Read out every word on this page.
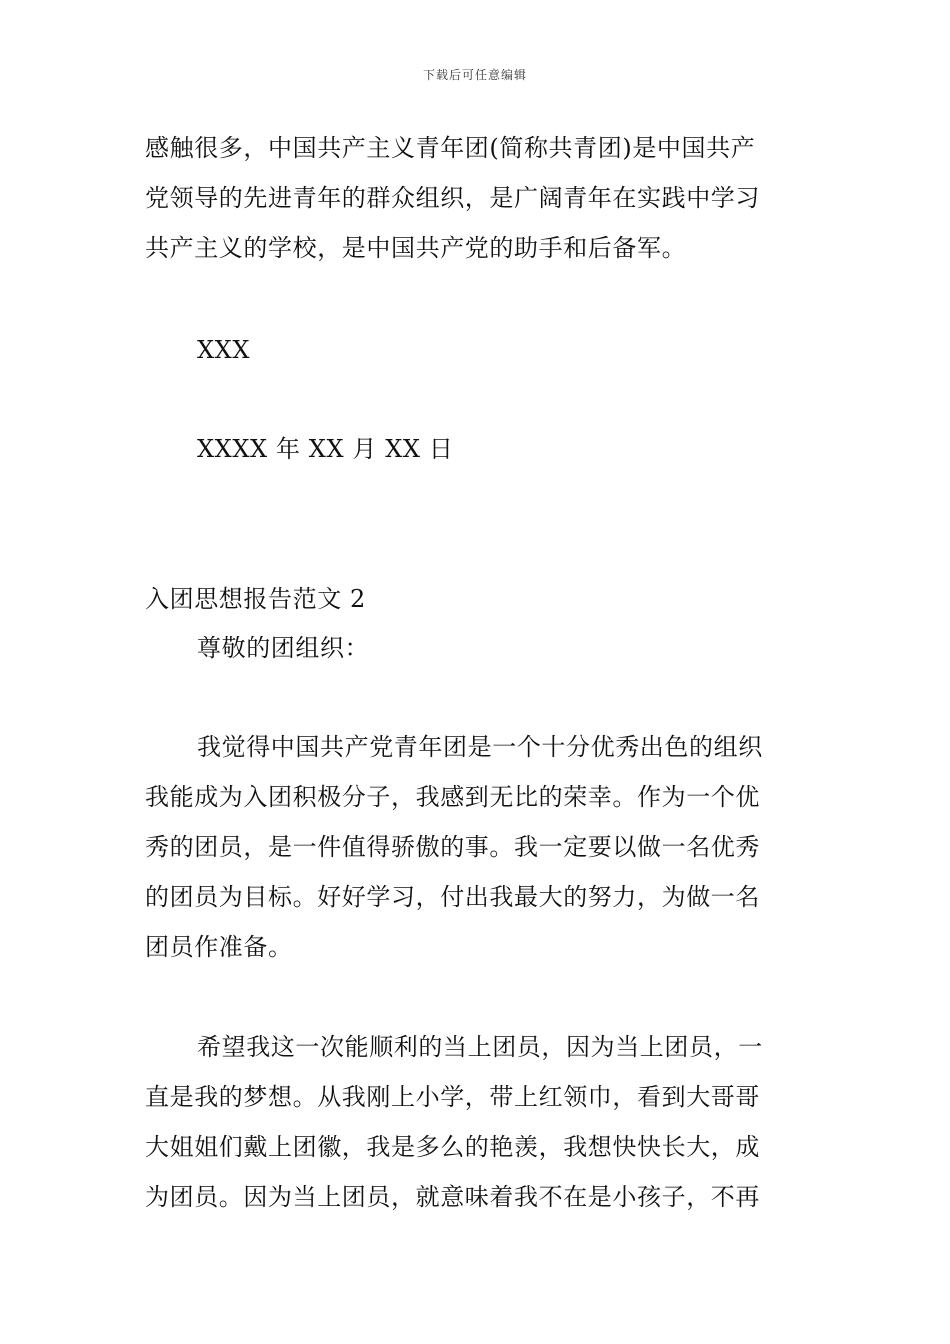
下载后可任意编辑
感触很多，中国共产主义青年团(简称共青团)是中国共产
党领导的先进青年的群众组织，是广阔青年在实践中学习
共产主义的学校，是中国共产党的助手和后备军。
XXX
XXXX 年 XX 月 XX 日
入团思想报告范文 2
尊敬的团组织：
我觉得中国共产党青年团是一个十分优秀出色的组织
我能成为入团积极分子，我感到无比的荣幸。作为一个优
秀的团员，是一件值得骄傲的事。我一定要以做一名优秀
的团员为目标。好好学习，付出我最大的努力，为做一名
团员作准备。
希望我这一次能顺利的当上团员，因为当上团员，一
直是我的梦想。从我刚上小学，带上红领巾，看到大哥哥
大姐姐们戴上团徽，我是多么的艳羡，我想快快长大，成
为团员。因为当上团员，就意味着我不在是小孩子，不再
